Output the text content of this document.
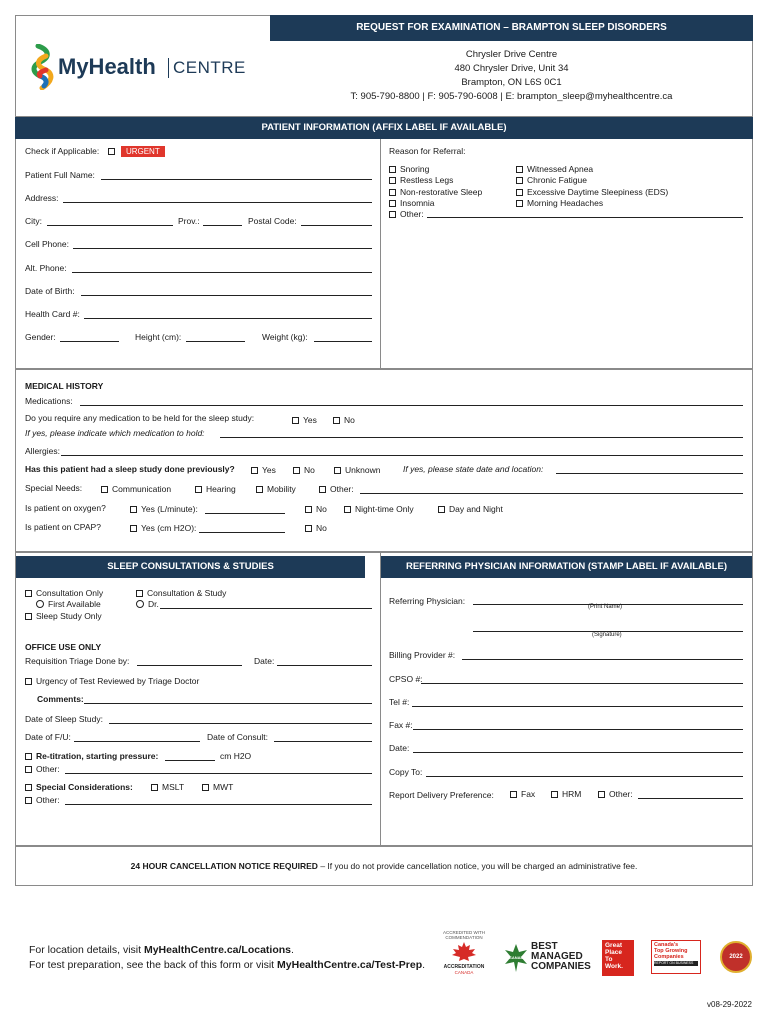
REQUEST FOR EXAMINATION – BRAMPTON SLEEP DISORDERS
MyHealth CENTRE
Chrysler Drive Centre
480 Chrysler Drive, Unit 34
Brampton, ON L6S 0C1
T: 905-790-8800 | F: 905-790-6008 | E: brampton_sleep@myhealthcentre.ca
PATIENT INFORMATION (AFFIX LABEL IF AVAILABLE)
Check if Applicable:	URGENT
Patient Full Name:
Address:
City:	Prov.:	Postal Code:
Cell Phone:
Alt. Phone:
Date of Birth:
Health Card #:
Gender:	Height (cm):	Weight (kg):
Reason for Referral:
Snoring
Restless Legs
Non-restorative Sleep
Insomnia
Other:
Witnessed Apnea
Chronic Fatigue
Excessive Daytime Sleepiness (EDS)
Morning Headaches
MEDICAL HISTORY
Medications:
Do you require any medication to be held for the sleep study:	Yes	No
If yes, please indicate which medication to hold:
Allergies:
Has this patient had a sleep study done previously?	Yes	No	Unknown	If yes, please state date and location:
Special Needs:	Communication	Hearing	Mobility	Other:
Is patient on oxygen?	Yes (L/minute):	No	Night-time Only	Day and Night
Is patient on CPAP?	Yes (cm H2O):	No
SLEEP CONSULTATIONS & STUDIES	REFERRING PHYSICIAN INFORMATION (STAMP LABEL IF AVAILABLE)
Consultation Only
First Available
Sleep Study Only
Consultation & Study
Dr.
OFFICE USE ONLY
Requisition Triage Done by:	Date:
Urgency of Test Reviewed by Triage Doctor
Comments:
Date of Sleep Study:
Date of F/U:	Date of Consult:
Re-titration, starting pressure:	cm H2O
Other:
Special Considerations:	MSLT	MWT
Other:
Referring Physician:
(Print Name)
(Signature)
Billing Provider #:
CPSO #:
Tel #:
Fax #:
Date:
Copy To:
Report Delivery Preference:	Fax	HRM	Other:
24 HOUR CANCELLATION NOTICE REQUIRED – If you do not provide cancellation notice, you will be charged an administrative fee.
For location details, visit MyHealthCentre.ca/Locations.
For test preparation, see the back of this form or visit MyHealthCentre.ca/Test-Prep.
ACCREDITED WITH COMMENDATION
ACCREDITATION
CANADA
CANADA'S
BEST
MANAGED
COMPANIES
Great
Place
To
Work.
Canada's
Top Growing
Companies
REPORT ON BUSINESS
2022
v08-29-2022
